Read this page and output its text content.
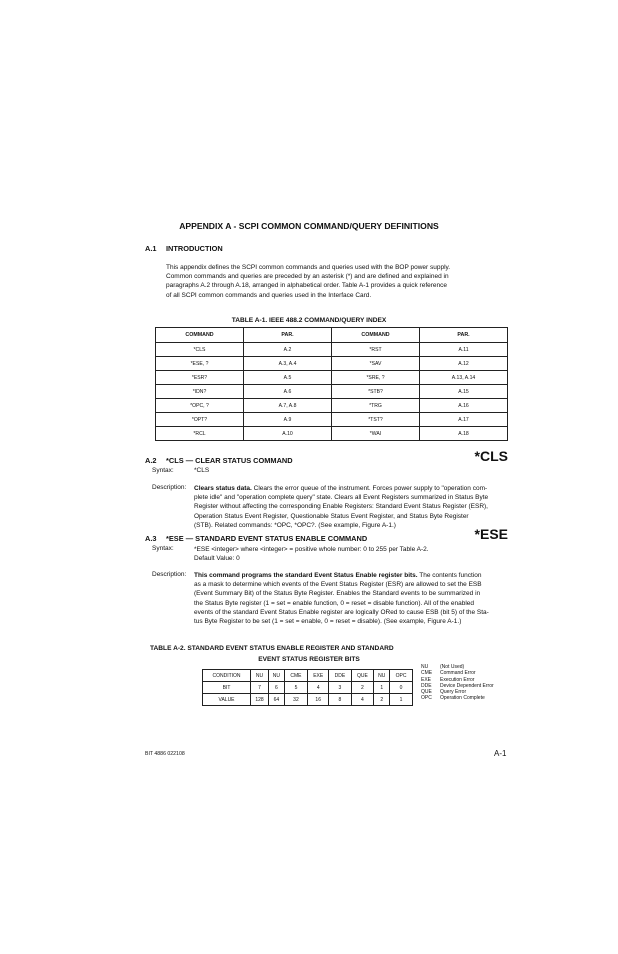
APPENDIX A - SCPI COMMON COMMAND/QUERY DEFINITIONS
A.1 INTRODUCTION
This appendix defines the SCPI common commands and queries used with the BOP power supply.
Common commands and queries are preceded by an asterisk (*) and are defined and explained in
paragraphs A.2 through A.18, arranged in alphabetical order. Table A-1 provides a quick reference
of all SCPI common commands and queries used in the Interface Card.
TABLE A-1. IEEE 488.2 COMMAND/QUERY INDEX
COMMAND	PAR.	COMMAND	PAR.
*CLS	A.2	*RST	A.11
*ESE, ?	A.3, A.4	*SAV	A.12
*ESR?	A.5	*SRE, ?	A.13, A.14
*IDN?	A.6	*STB?	A.15
*OPC, ?	A.7, A.8	*TRG	A.16
*OPT?	A.9	*TST?	A.17
*RCL	A.10	*WAI	A.18
A.2 *CLS — CLEAR STATUS COMMAND	*CLS
Syntax:	*CLS
Description: Clears status data. Clears the error queue of the instrument. Forces power supply to "operation com-
plete idle" and "operation complete query" state. Clears all Event Registers summarized in Status Byte
Register without affecting the corresponding Enable Registers: Standard Event Status Register (ESR),
Operation Status Event Register, Questionable Status Event Register, and Status Byte Register
(STB). Related commands: *OPC, *OPC?. (See example, Figure A-1.)
A.3 *ESE — STANDARD EVENT STATUS ENABLE COMMAND	*ESE
Syntax:	*ESE <integer> where <integer> = positive whole number: 0 to 255 per Table A-2.
Default Value: 0
Description: This command programs the standard Event Status Enable register bits. The contents function
as a mask to determine which events of the Event Status Register (ESR) are allowed to set the ESB
(Event Summary Bit) of the Status Byte Register. Enables the Standard events to be summarized in
the Status Byte register (1 = set = enable function, 0 = reset = disable function). All of the enabled
events of the standard Event Status Enable register are logically ORed to cause ESB (bit 5) of the Sta-
tus Byte Register to be set (1 = set = enable, 0 = reset = disable). (See example, Figure A-1.)
TABLE A-2. STANDARD EVENT STATUS ENABLE REGISTER AND STANDARD
EVENT STATUS REGISTER BITS
CONDITION	NU	NU	CME	EXE	DDE	QUE	NU	OPC
BIT	7	6	5	4	3	2	1	0
VALUE	128	64	32	16	8	4	2	1
NU (Not Used)
CME Command Error
EXE Execution Error
DDE Device Dependent Error
QUE Query Error
OPC Operation Complete
BIT 4886 022108	A-1
